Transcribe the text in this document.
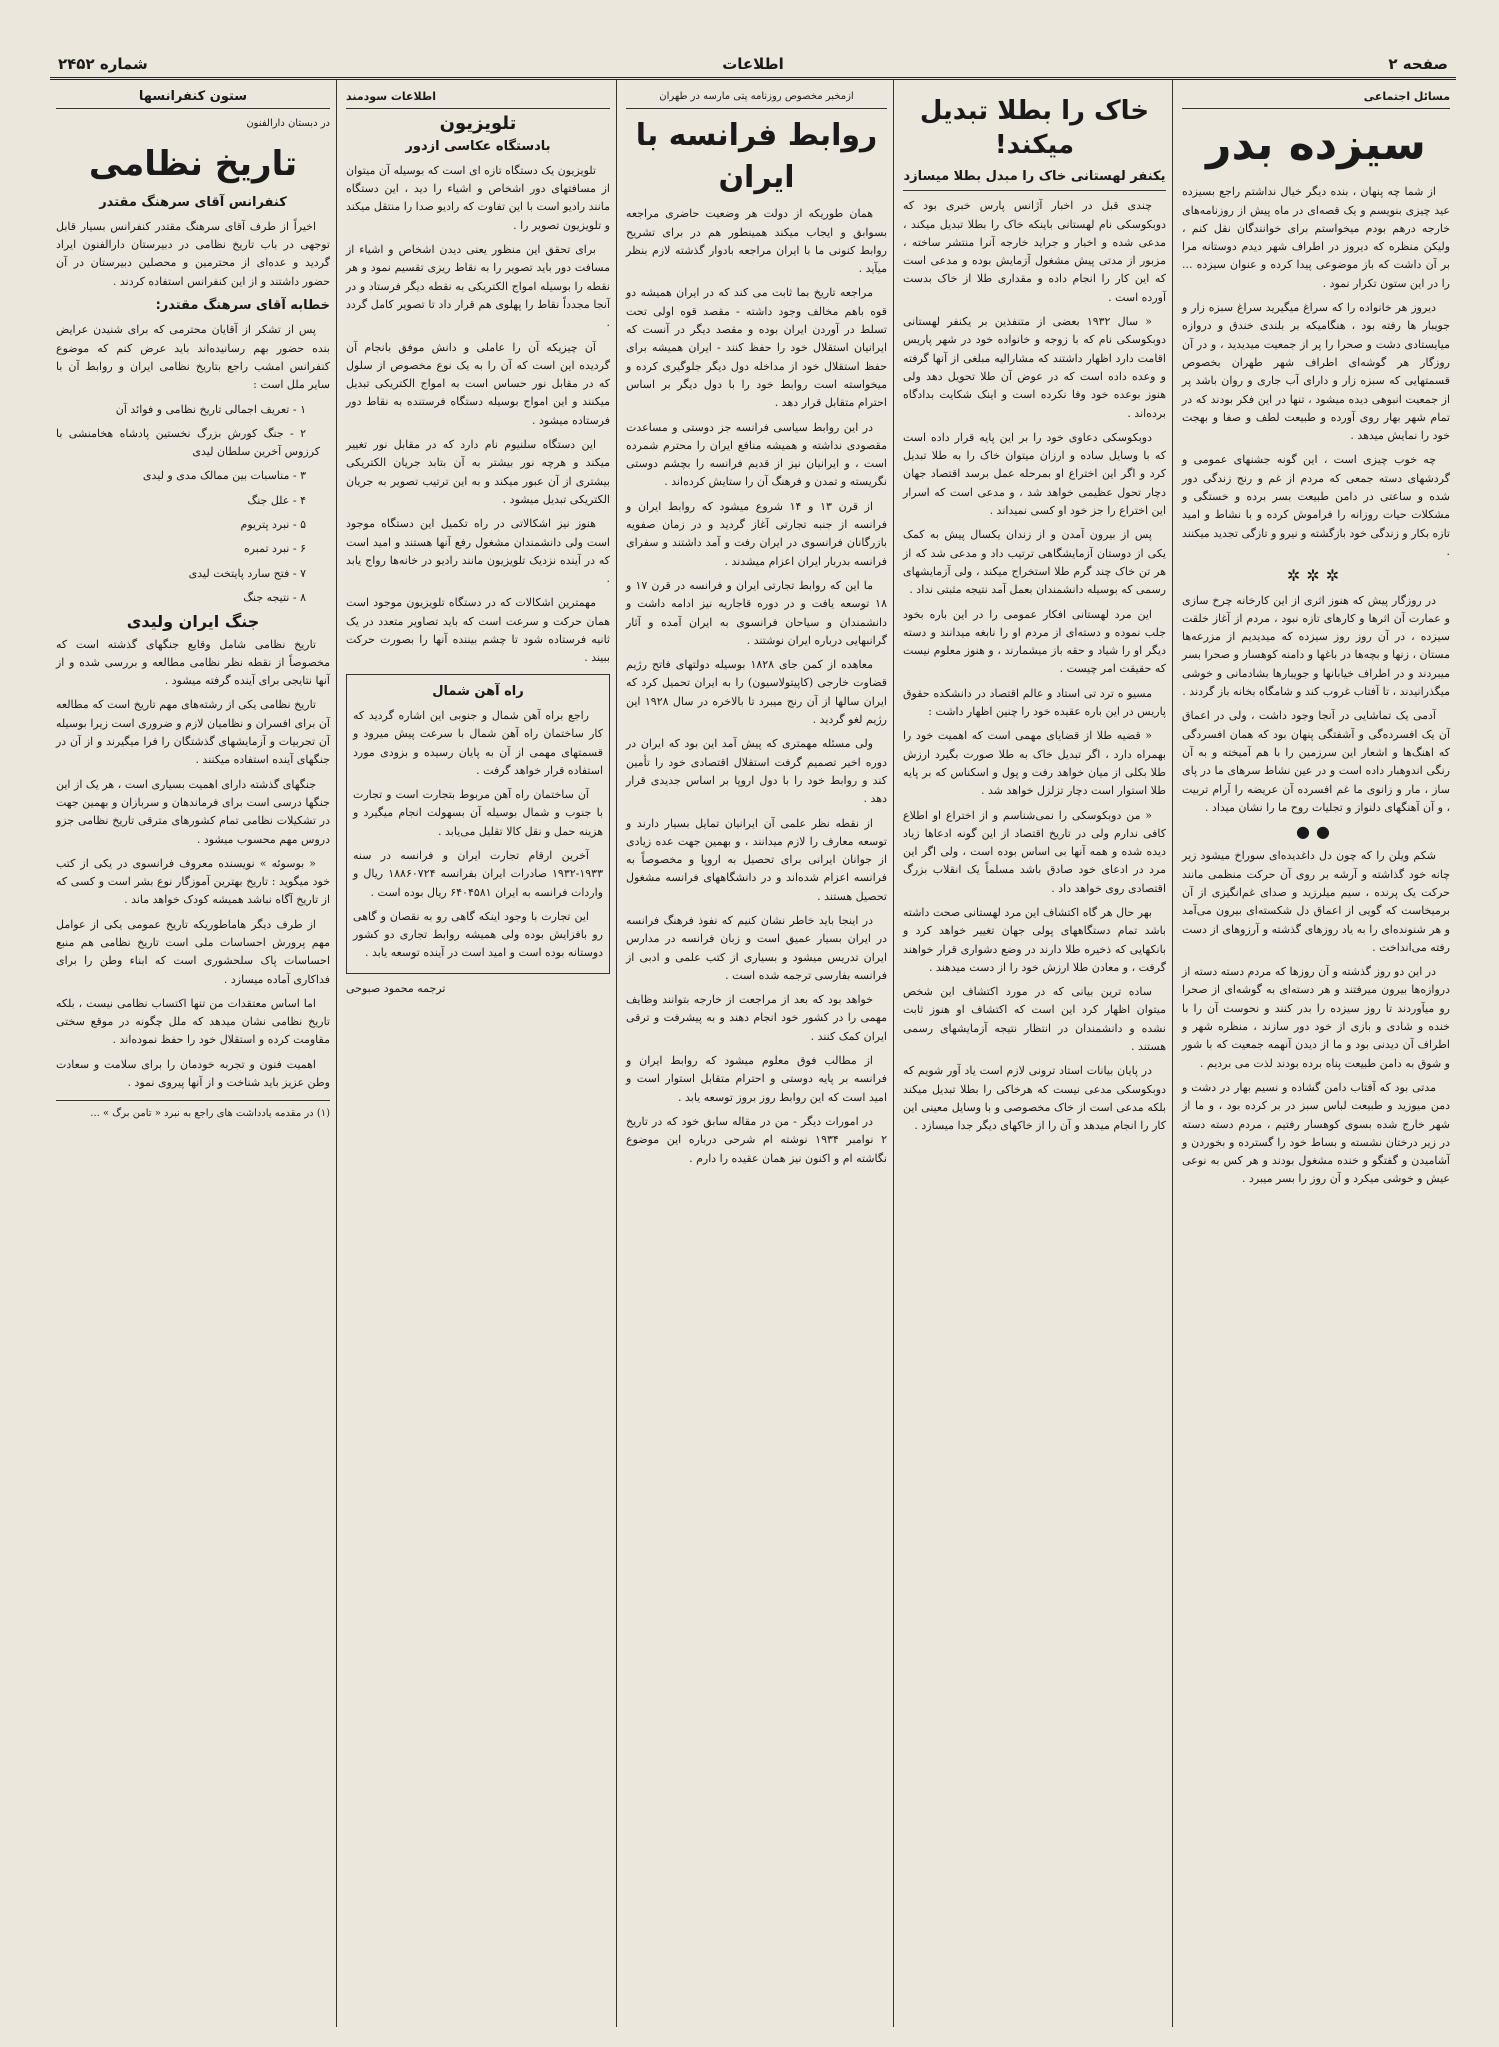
صفحه ۲
اطلاعات
شماره ۲۴۵۲
مسائل اجتماعی
سیزده بدر

از شما چه پنهان ، بنده دیگر خیال نداشتم راجع بسیزده عید چیزی بنویسم و یک قصه‌ای در ماه پیش از روزنامه‌های خارجه درهم بودم میخواستم برای خوانندگان نقل کنم ، ولیکن منظره‌ که دیروز در اطراف شهر دیدم دوستانه مرا بر آن داشت که باز موضوعی پیدا کرده و عنوان سیزده ... را در این ستون تکرار نمود .

دیروز هر خانواده را که سراغ میگیرید سراغ سبزه زار و جویبار ها رفته بود ، هنگامیکه بر بلندی خندق و دروازه میایستادی دشت و صحرا را پر از جمعیت میدیدید ، و در آن روزگار هر گوشه‌ای اطراف شهر طهران بخصوص قسمتهایی که سبزه زار و دارای آب جاری و روان باشد پر از جمعیت انبوهی دیده میشود ، تنها در این فکر بودند که در تمام شهر بهار روی آورده و طبیعت لطف و صفا و بهجت خود را نمایش میدهد .

چه خوب چیزی است ، این گونه جشنهای عمومی و گردشهای دسته جمعی که مردم از غم و رنج زندگی دور شده و ساعتی در دامن طبیعت بسر برده و خستگی و مشکلات حیات روزانه را فراموش کرده و با نشاط و امید تازه بکار و زندگی خود بازگشته و نیرو و تازگی تجدید میکنند .

✲✲✲

در روزگار پیش که هنوز اثری از این کارخانه چرخ سازی و عمارت آن اثرها و کارهای تازه نبود ، مردم از آغاز خلقت سیزده ، در آن روز روز سیزده که میدیدیم از مزرعه‌ها مستان ، زنها و بچه‌ها در باغها و دامنه کوهسار و صحرا بسر میبردند و در اطراف خیابانها و جویبارها بشادمانی و خوشی میگذرانیدند ، تا آفتاب غروب کند و شامگاه بخانه باز گردند .

آدمی یک تماشایی در آنجا وجود داشت ، ولی در اعماق آن یک افسرده‌گی و آشفتگی پنهان بود که همان افسردگی که اهنگ‌ها و اشعار این سرزمین را با هم آمیخته و به آن رنگی اندوهبار داده است و در عین نشاط سرهای ما در پای ساز ، مار و زانوی ما غم افسرده آن عریضه را آرام تربیت ، و آن آهنگهای دلنواز و تجلیات روح ما را نشان میداد .

●●

شکم ویلن را که چون دل داغدیده‌ای سوراخ میشود زیر چانه خود گذاشته و آرشه بر روی آن حرکت منظمی مانند حرکت یک پرنده ، سیم میلرزید و صدای غم‌انگیزی از آن برمیخاست که گویی از اعماق دل شکسته‌ای بیرون می‌آمد و هر شنونده‌ای را به یاد روزهای گذشته و آرزوهای از دست رفته می‌انداخت .

در این دو روز گذشته و آن روزها که مردم دسته دسته از دروازه‌ها بیرون میرفتند و هر دسته‌ای به گوشه‌ای از صحرا رو میآوردند تا روز سیزده را بدر کنند و نحوست آن را با خنده و شادی و بازی از خود دور سازند ، منظره شهر و اطراف آن دیدنی بود و ما از دیدن آنهمه جمعیت که با شور و شوق به دامن طبیعت پناه برده بودند لذت می بردیم .

مدتی بود که آفتاب دامن گشاده و نسیم بهار در دشت و دمن میوزید و طبیعت لباس سبز در بر کرده بود ، و ما از شهر خارج شده بسوی کوهسار رفتیم ، مردم دسته دسته در زیر درختان نشسته و بساط خود را گسترده و بخوردن و آشامیدن و گفتگو و خنده مشغول بودند و هر کس به نوعی عیش و خوشی میکرد و آن روز را بسر میبرد .

خاک را بطلا تبدیل میکند!
یکنفر لهستانی خاک را مبدل بطلا میسازد

چندی قبل در اخبار آژانس پارس خبری بود که دوبکوسکی نام لهستانی باینکه خاک را بطلا تبدیل میکند ، مدعی شده و اخبار و جراید خارجه آنرا منتشر ساخته ، مزبور از مدتی پیش مشغول آزمایش بوده و مدعی است که این کار را انجام داده و مقداری طلا از خاک بدست آورده است .

« سال ۱۹۳۲ بعضی از متنفذین بر یکنفر لهستانی دوبکوسکی نام که با زوجه و خانواده خود در شهر پاریس اقامت دارد اظهار داشتند که مشارالیه مبلغی از آنها گرفته و وعده داده است که در عوض آن طلا تحویل دهد ولی هنوز بوعده خود وفا نکرده است و اینک شکایت بدادگاه برده‌اند .

دوبکوسکی دعاوی خود را بر این پایه قرار داده است که با وسایل ساده و ارزان میتوان خاک را به طلا تبدیل کرد و اگر این اختراع او بمرحله عمل برسد اقتصاد جهان دچار تحول عظیمی خواهد شد ، و مدعی است که اسرار این اختراع را جز خود او کسی نمیداند .

پس از بیرون آمدن و از زندان یکسال پیش به کمک یکی از دوستان آزمایشگاهی ترتیب داد و مدعی شد که از هر تن خاک چند گرم طلا استخراج میکند ، ولی آزمایشهای رسمی که بوسیله دانشمندان بعمل آمد نتیجه مثبتی نداد .

این مرد لهستانی افکار عمومی را در این باره بخود جلب نموده و دسته‌ای از مردم او را نابغه میدانند و دسته دیگر او را شیاد و حقه باز میشمارند ، و هنوز معلوم نیست که حقیقت امر چیست .

مسیو ه ترد تی استاد و عالم اقتصاد در دانشکده حقوق پاریس در این باره عقیده خود را چنین اظهار داشت :

« قضیه طلا از قضایای مهمی است که اهمیت خود را بهمراه دارد ، اگر تبدیل خاک به طلا صورت بگیرد ارزش طلا بکلی از میان خواهد رفت و پول و اسکناس که بر پایه طلا استوار است دچار تزلزل خواهد شد .

« من دوبکوسکی را نمی‌شناسم و از اختراع او اطلاع کافی ندارم ولی در تاریخ اقتصاد از این گونه ادعاها زیاد دیده شده و همه آنها بی اساس بوده است ، ولی اگر این مرد در ادعای خود صادق باشد مسلماً یک انقلاب بزرگ اقتصادی روی خواهد داد .

بهر حال هر گاه اکتشاف این مرد لهستانی صحت داشته باشد تمام دستگاههای پولی جهان تغییر خواهد کرد و بانکهایی که ذخیره طلا دارند در وضع دشواری قرار خواهند گرفت ، و معادن طلا ارزش خود را از دست میدهند .

ساده ترین بیانی که در مورد اکتشاف این شخص میتوان اظهار کرد این است که اکتشاف او هنوز ثابت نشده و دانشمندان در انتظار نتیجه آزمایشهای رسمی هستند .

در پایان بیانات استاد ترونی لازم است یاد آور شویم که دوبکوسکی مدعی نیست که هرخاکی را بطلا تبدیل میکند بلکه مدعی است از خاک مخصوصی و با وسایل معینی این کار را انجام میدهد و آن را از خاکهای دیگر جدا میسازد .

ازمخبر مخصوص روزنامه پتی مارسه در طهران
روابط فرانسه با ایران

همان طوریکه از دولت هر وضعیت حاضری مراجعه بسوابق و ایجاب میکند همینطور هم در برای تشریح روابط کنونی ما با ایران مراجعه بادوار گذشته لازم بنظر میآید .

مراجعه تاریخ بما ثابت می کند که در ایران همیشه دو قوه باهم مخالف وجود داشته - مقصد قوه اولی تحت تسلط در آوردن ایران بوده و مقصد دیگر در آنست که ایرانیان استقلال خود را حفظ کنند - ایران همیشه برای حفظ استقلال خود از مداخله دول دیگر جلوگیری کرده و میخواسته است روابط خود را با دول دیگر بر اساس احترام متقابل قرار دهد .

در این روابط سیاسی فرانسه جز دوستی و مساعدت مقصودی نداشته و همیشه منافع ایران را محترم شمرده است ، و ایرانیان نیز از قدیم فرانسه را بچشم دوستی نگریسته و تمدن و فرهنگ آن را ستایش کرده‌اند .

از قرن ۱۳ و ۱۴ شروع میشود که روابط ایران و فرانسه از جنبه تجارتی آغاز گردید و در زمان صفویه بازرگانان فرانسوی در ایران رفت و آمد داشتند و سفرای فرانسه بدربار ایران اعزام میشدند .

ما این که روابط تجارتی ایران و فرانسه در قرن ۱۷ و ۱۸ توسعه یافت و در دوره قاجاریه نیز ادامه داشت و دانشمندان و سیاحان فرانسوی به ایران آمده و آثار گرانبهایی درباره ایران نوشتند .

معاهده از کمن جای ۱۸۲۸ بوسیله دولتهای فاتح رژیم قضاوت خارجی (کاپیتولاسیون) را به ایران تحمیل کرد که ایران سالها از آن رنج میبرد تا بالاخره در سال ۱۹۲۸ این رژیم لغو گردید .

ولی مسئله مهمتری که پیش آمد این بود که ایران در دوره اخیر تصمیم گرفت استقلال اقتصادی خود را تأمین کند و روابط خود را با دول اروپا بر اساس جدیدی قرار دهد .

از نقطه نظر علمی آن ایرانیان تمایل بسیار دارند و توسعه معارف را لازم میدانند ، و بهمین جهت عده زیادی از جوانان ایرانی برای تحصیل به اروپا و مخصوصاً به فرانسه اعزام شده‌اند و در دانشگاههای فرانسه مشغول تحصیل هستند .

در اینجا باید خاطر نشان کنیم که نفوذ فرهنگ فرانسه در ایران بسیار عمیق است و زبان فرانسه در مدارس ایران تدریس میشود و بسیاری از کتب علمی و ادبی از فرانسه بفارسی ترجمه شده است .

خواهد بود که بعد از مراجعت از خارجه بتوانند وظایف مهمی را در کشور خود انجام دهند و به پیشرفت و ترقی ایران کمک کنند .

از مطالب فوق معلوم میشود که روابط ایران و فرانسه بر پایه دوستی و احترام متقابل استوار است و امید است که این روابط روز بروز توسعه یابد .

در امورات دیگر - من در مقاله سابق خود که در تاریخ ۲ نوامبر ۱۹۳۴ نوشته ام شرحی درباره این موضوع نگاشته ام و اکنون نیز همان عقیده را دارم .

اطلاعات سودمند
تلویزیون
بادستگاه عکاسی ازدور

تلویزیون یک دستگاه تازه ای است که بوسیله آن میتوان از مسافتهای دور اشخاص و اشیاء را دید ، این دستگاه مانند رادیو است با این تفاوت که رادیو صدا را منتقل میکند و تلویزیون تصویر را .

برای تحقق این منظور یعنی دیدن اشخاص و اشیاء از مسافت دور باید تصویر را به نقاط ریزی تقسیم نمود و هر نقطه را بوسیله امواج الکتریکی به نقطه دیگر فرستاد و در آنجا مجدداً نقاط را پهلوی هم قرار داد تا تصویر کامل گردد .

آن چیزیکه آن را عاملی و دانش موفق بانجام آن گردیده این است که آن را به یک نوع مخصوص از سلول که در مقابل نور حساس است به امواج الکتریکی تبدیل میکنند و این امواج بوسیله دستگاه فرستنده به نقاط دور فرستاده میشود .

این دستگاه سلنیوم نام دارد که در مقابل نور تغییر میکند و هرچه نور بیشتر به آن بتابد جریان الکتریکی بیشتری از آن عبور میکند و به این ترتیب تصویر به جریان الکتریکی تبدیل میشود .

هنوز نیز اشکالاتی در راه تکمیل این دستگاه موجود است ولی دانشمندان مشغول رفع آنها هستند و امید است که در آینده نزدیک تلویزیون مانند رادیو در خانه‌ها رواج یابد .

مهمترین اشکالات که در دستگاه تلویزیون موجود است همان حرکت و سرعت است که باید تصاویر متعدد در یک ثانیه فرستاده شود تا چشم بیننده آنها را بصورت حرکت ببیند .

راه آهن شمال

راجع براه آهن شمال و جنوبی این اشاره گردید که کار ساختمان راه آهن شمال با سرعت پیش میرود و قسمتهای مهمی از آن به پایان رسیده و بزودی مورد استفاده قرار خواهد گرفت .

آن ساختمان راه آهن مربوط بتجارت است و تجارت با جنوب و شمال بوسیله آن بسهولت انجام میگیرد و هزینه حمل و نقل کالا تقلیل می‌یابد .

آخرین ارقام تجارت ایران و فرانسه در سنه ۱۹۳۳-۱۹۳۲ صادرات ایران بفرانسه ۱۸۸۶۰۷۲۴ ریال و واردات فرانسه به ایران ۶۴۰۴۵۸۱ ریال بوده است .

این تجارت با وجود اینکه گاهی رو به نقصان و گاهی رو بافزایش بوده ولی همیشه روابط تجاری دو کشور دوستانه بوده است و امید است در آینده توسعه یابد .

ترجمه محمود صبوحی
ستون کنفرانسها
در دبستان دارالفنون
تاریخ نظامی
کنفرانس آقای سرهنگ مقتدر

اخیراً از طرف آقای سرهنگ مقتدر کنفرانس بسیار قابل توجهی در باب تاریخ نظامی در دبیرستان دارالفنون ایراد گردید و عده‌ای از محترمین و محصلین دبیرستان در آن حضور داشتند و از این کنفرانس استفاده کردند .

خطابه آقای سرهنگ مقتدر:

پس از تشکر از آقایان محترمی که برای شنیدن عرایض بنده حضور بهم رسانیده‌اند باید عرض کنم که موضوع کنفرانس امشب راجع بتاریخ نظامی ایران و روابط آن با سایر ملل است :

۱ - تعریف اجمالی تاریخ نظامی و فوائد آن

۲ - جنگ کورش بزرگ نخستین پادشاه هخامنشی با کرزوس آخرین سلطان لیدی

۳ - مناسبات بین ممالک مدی و لیدی

۴ - علل جنگ

۵ - نبرد پتریوم

۶ - نبرد تمبره

۷ - فتح سارد پایتخت لیدی

۸ - نتیجه جنگ

جنگ ایران ولیدی

تاریخ نظامی شامل وقایع جنگهای گذشته است که مخصوصاً از نقطه نظر نظامی مطالعه و بررسی شده و از آنها نتایجی برای آینده گرفته میشود .

تاریخ نظامی یکی از رشته‌های مهم تاریخ است که مطالعه آن برای افسران و نظامیان لازم و ضروری است زیرا بوسیله آن تجربیات و آزمایشهای گذشتگان را فرا میگیرند و از آن در جنگهای آینده استفاده میکنند .

جنگهای گذشته دارای اهمیت بسیاری است ، هر یک از این جنگها درسی است برای فرماندهان و سربازان و بهمین جهت در تشکیلات نظامی تمام کشورهای مترقی تاریخ نظامی جزو دروس مهم محسوب میشود .

« بوسوئه » نویسنده معروف فرانسوی در یکی از کتب خود میگوید : تاریخ بهترین آموزگار نوع بشر است و کسی که از تاریخ آگاه نباشد همیشه کودک خواهد ماند .

از طرف دیگر هاماطوریکه تاریخ عمومی یکی از عوامل مهم پرورش احساسات ملی است تاریخ نظامی هم منبع احساسات پاک سلحشوری است که ابناء وطن را برای فداکاری آماده میسازد .

اما اساس معتقدات من تنها اکتساب نظامی نیست ، بلکه تاریخ نظامی نشان میدهد که ملل چگونه در موقع سختی مقاومت کرده و استقلال خود را حفظ نموده‌اند .

اهمیت فنون و تجربه خودمان را برای سلامت و سعادت وطن عزیز باید شناخت و از آنها پیروی نمود .

(۱) در مقدمه یادداشت های راجع به نبرد « تامن برگ » ...
